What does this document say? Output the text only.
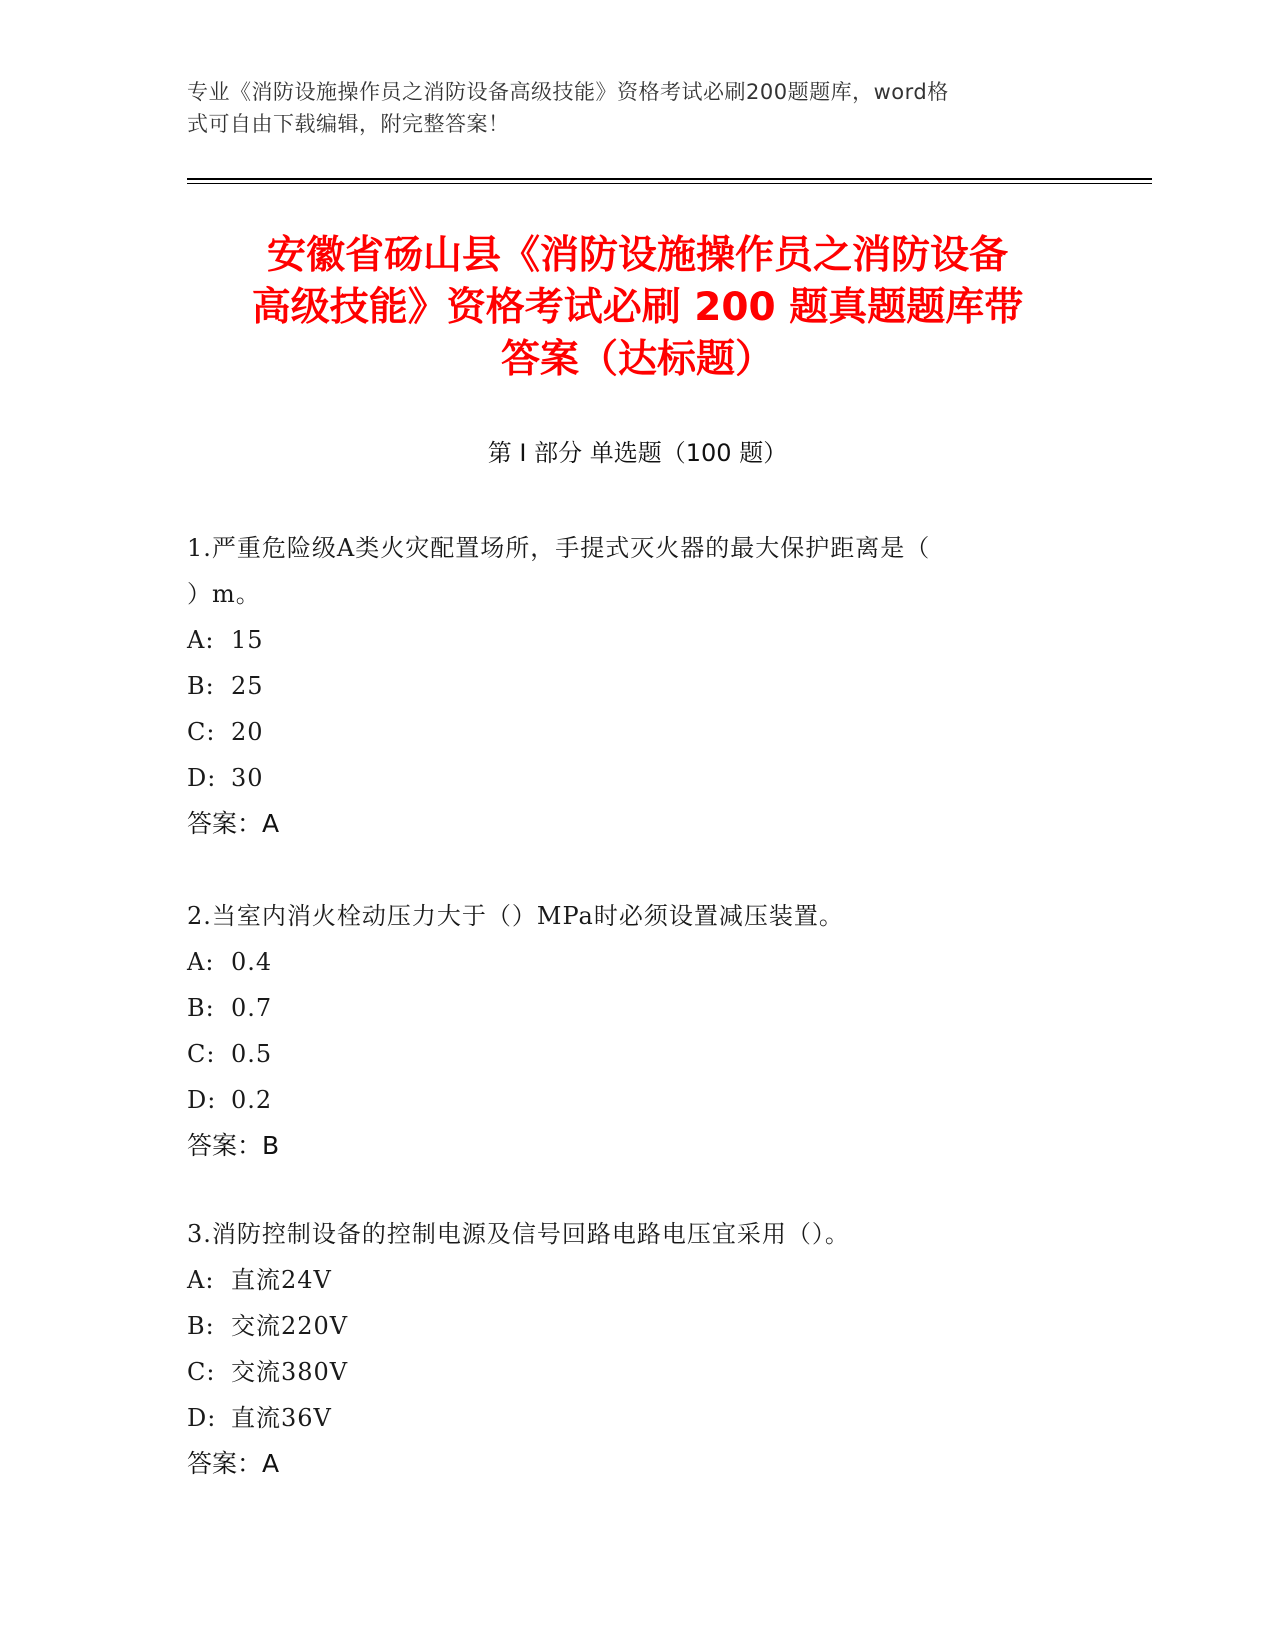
专业《消防设施操作员之消防设备高级技能》资格考试必刷200题题库，word格
式可自由下载编辑，附完整答案！
安徽省砀山县《消防设施操作员之消防设备
高级技能》资格考试必刷 200 题真题题库带
答案（达标题）
第 I 部分 单选题（100 题）

1.严重危险级A类火灾配置场所，手提式灭火器的最大保护距离是（

）m。

A: 15

B: 25

C: 20

D: 30

答案：A

2.当室内消火栓动压力大于（）MPa时必须设置减压装置。

A: 0.4

B: 0.7

C: 0.5

D: 0.2

答案：B

3.消防控制设备的控制电源及信号回路电路电压宜采用（）。

A: 直流24V

B: 交流220V

C: 交流380V

D: 直流36V

答案：A
